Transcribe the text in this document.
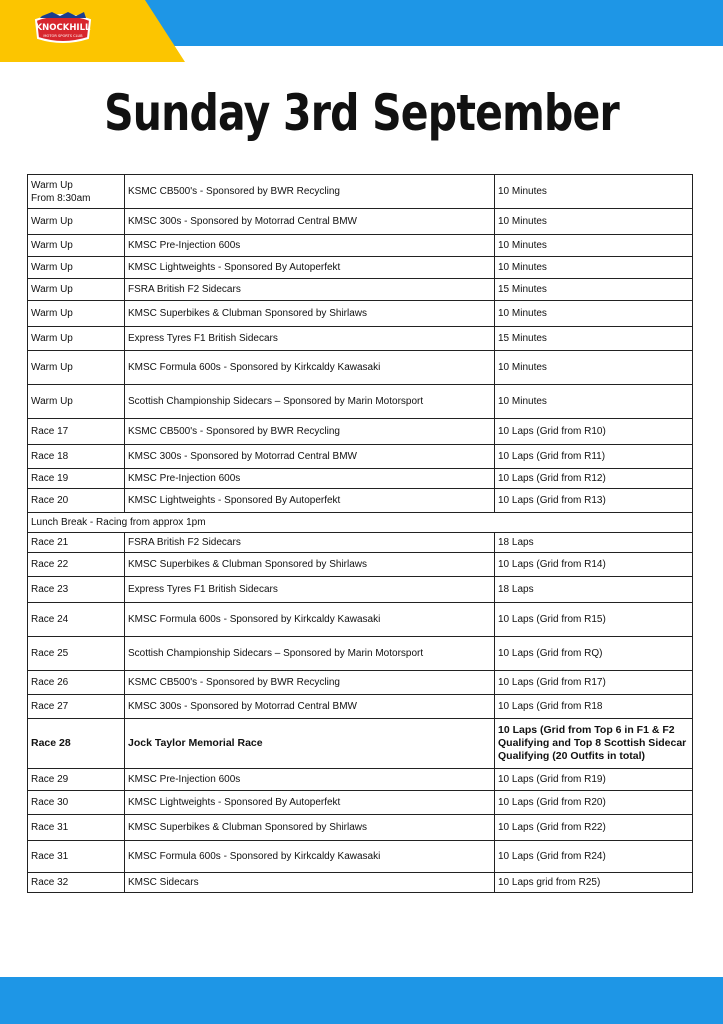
KNOCKHILL
MOTOR SPORTS CLUB
Sunday 3rd September
Warm Up
From 8:30am	KSMC CB500's - Sponsored by BWR Recycling	10 Minutes
Warm Up	KMSC 300s - Sponsored by Motorrad Central BMW	10 Minutes
Warm Up	KMSC Pre-Injection 600s	10 Minutes
Warm Up	KMSC Lightweights - Sponsored By Autoperfekt	10 Minutes
Warm Up	FSRA British F2 Sidecars	15 Minutes
Warm Up	KMSC Superbikes & Clubman Sponsored by Shirlaws	10 Minutes
Warm Up	Express Tyres F1 British Sidecars	15 Minutes
Warm Up	KMSC Formula 600s - Sponsored by Kirkcaldy Kawasaki	10 Minutes
Warm Up	Scottish Championship Sidecars – Sponsored by Marin Motorsport	10 Minutes
Race 17	KSMC CB500's - Sponsored by BWR Recycling	10 Laps (Grid from R10)
Race 18	KMSC 300s - Sponsored by Motorrad Central BMW	10 Laps (Grid from R11)
Race 19	KMSC Pre-Injection 600s	10 Laps (Grid from R12)
Race 20	KMSC Lightweights - Sponsored By Autoperfekt	10 Laps (Grid from R13)
Lunch Break - Racing from approx 1pm		
Race 21	FSRA British F2 Sidecars	18 Laps
Race 22	KMSC Superbikes & Clubman Sponsored by Shirlaws	10 Laps (Grid from R14)
Race 23	Express Tyres F1 British Sidecars	18 Laps
Race 24	KMSC Formula 600s - Sponsored by Kirkcaldy Kawasaki	10 Laps (Grid from R15)
Race 25	Scottish Championship Sidecars – Sponsored by Marin Motorsport	10 Laps (Grid from RQ)
Race 26	KSMC CB500's - Sponsored by BWR Recycling	10 Laps (Grid from R17)
Race 27	KMSC 300s - Sponsored by Motorrad Central BMW	10 Laps (Grid from R18
Race 28	Jock Taylor Memorial Race	10 Laps (Grid from Top 6 in F1 & F2 Qualifying and Top 8 Scottish Sidecar Qualifying (20 Outfits in total)
Race 29	KMSC Pre-Injection 600s	10 Laps (Grid from R19)
Race 30	KMSC Lightweights - Sponsored By Autoperfekt	10 Laps (Grid from R20)
Race 31	KMSC Superbikes & Clubman Sponsored by Shirlaws	10 Laps (Grid from R22)
Race 31	KMSC Formula 600s - Sponsored by Kirkcaldy Kawasaki	10 Laps (Grid from R24)
Race 32	KMSC Sidecars	10 Laps grid from R25)
